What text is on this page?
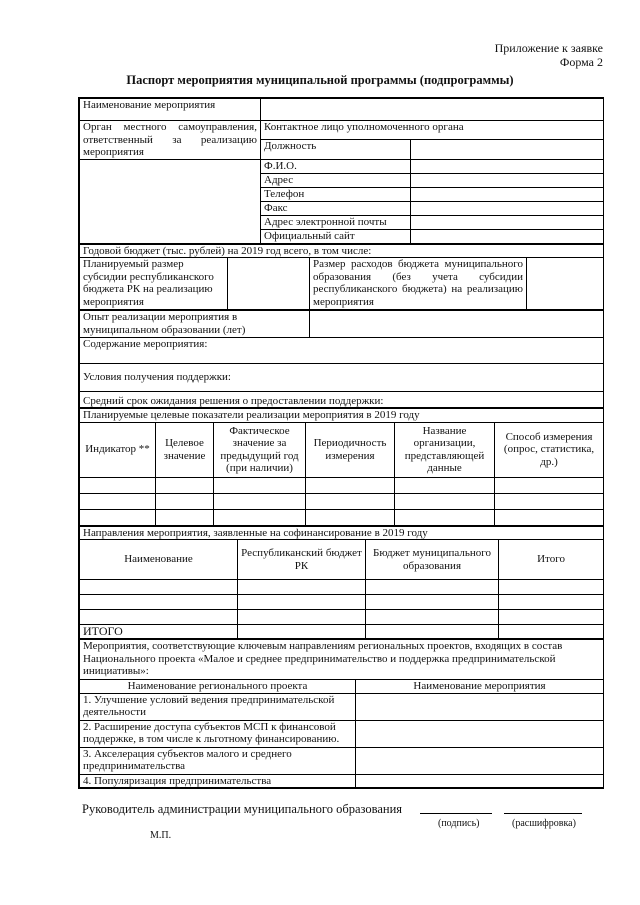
Приложение к заявке
Форма 2
Паспорт мероприятия муниципальной программы (подпрограммы)
Наименование мероприятия		
Орган местного самоуправления, ответственный за реализацию мероприятия	Контактное лицо уполномоченного органа	
	Должность	
	Ф.И.О.	
	Адрес	
	Телефон	
	Факс	
	Адрес электронной почты	
	Официальный сайт	
Годовой бюджет (тыс. рублей) на 2019 год всего, в том числе:
Планируемый размер субсидии республиканского бюджета РК на реализацию мероприятия		Размер расходов бюджета муниципального образования (без учета субсидии республиканского бюджета) на реализацию мероприятия	
Опыт реализации мероприятия в муниципальном образовании (лет)	
Содержание мероприятия:
Условия получения поддержки:
Средний срок ожидания решения о предоставлении поддержки:
Планируемые целевые показатели реализации мероприятия в 2019 году					
Индикатор **	Целевое значение	Фактическое значение за предыдущий год (при наличии)	Периодичность измерения	Название организации, представляющей данные	Способ измерения (опрос, статистика, др.)

Направления мероприятия, заявленные на софинансирование в 2019 году			
Наименование	Республиканский бюджет РК	Бюджет муниципального образования	Итого

ИТОГО			
Мероприятия, соответствующие ключевым направлениям региональных проектов, входящих в состав Национального проекта «Малое и среднее предпринимательство и поддержка предпринимательской инициативы»:	
Наименование регионального проекта	Наименование мероприятия
1. Улучшение условий ведения предпринимательской деятельности	
2. Расширение доступа субъектов МСП к финансовой поддержке, в том числе к льготному финансированию.	
3. Акселерация субъектов малого и среднего предпринимательства	
4. Популяризация предпринимательства	
Руководитель администрации муниципального образования
(подпись)	(расшифровка)
М.П.
